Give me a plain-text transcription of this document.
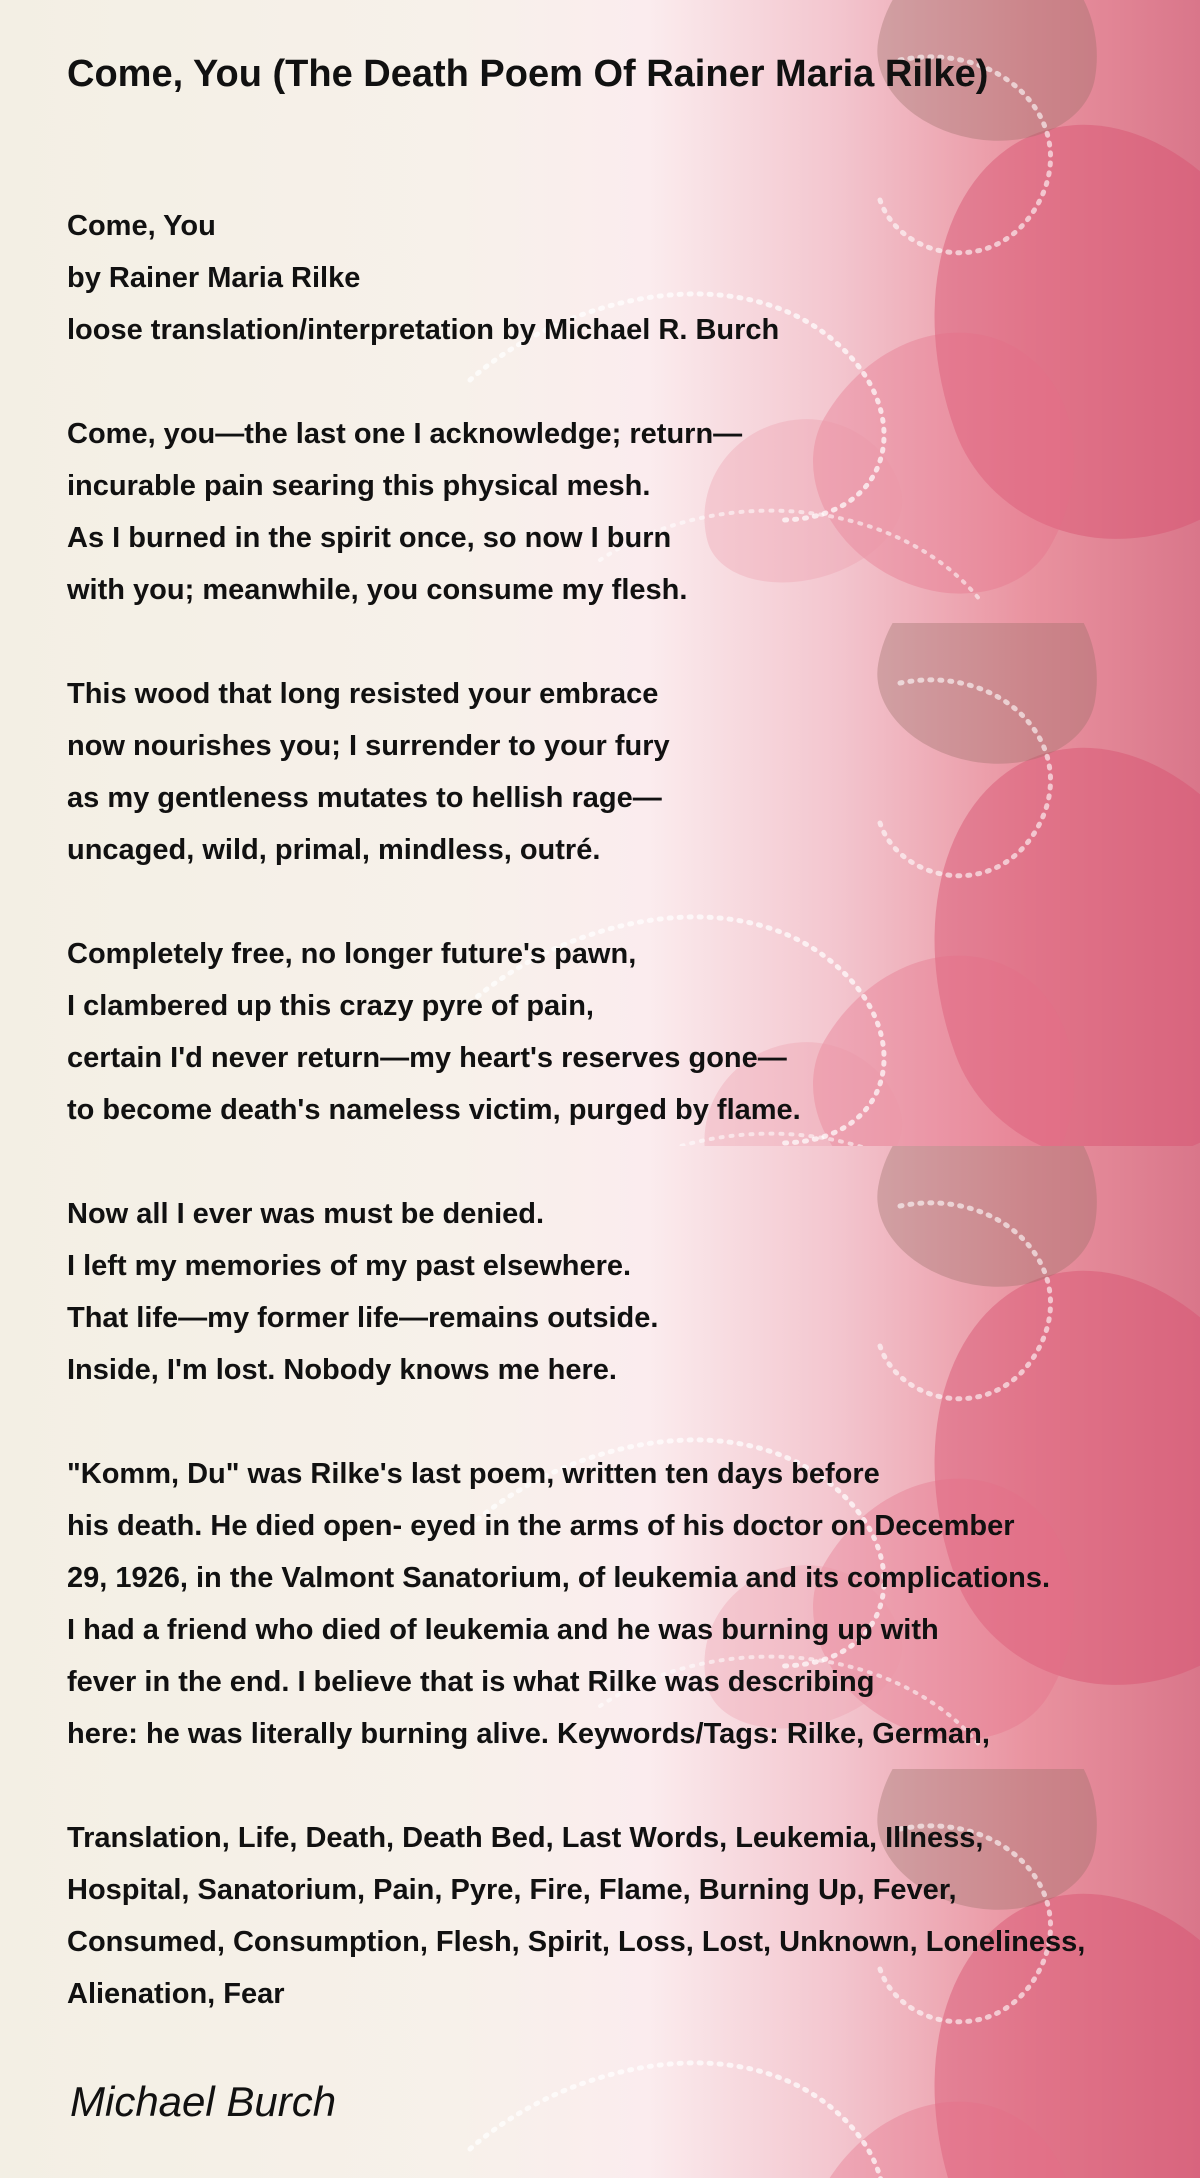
Come, You (The Death Poem Of Rainer Maria Rilke)
Come, You
by Rainer Maria Rilke
loose translation/interpretation by Michael R. Burch
Come, you—the last one I acknowledge; return—
incurable pain searing this physical mesh.
As I burned in the spirit once, so now I burn
with you; meanwhile, you consume my flesh.
This wood that long resisted your embrace
now nourishes you; I surrender to your fury
as my gentleness mutates to hellish rage—
uncaged, wild, primal, mindless, outré.
Completely free, no longer future's pawn,
I clambered up this crazy pyre of pain,
certain I'd never return—my heart's reserves gone—
to become death's nameless victim, purged by flame.
Now all I ever was must be denied.
I left my memories of my past elsewhere.
That life—my former life—remains outside.
Inside, I'm lost. Nobody knows me here.
"Komm, Du" was Rilke's last poem, written ten days before
his death. He died open- eyed in the arms of his doctor on December
29, 1926, in the Valmont Sanatorium, of leukemia and its complications.
I had a friend who died of leukemia and he was burning up with
fever in the end. I believe that is what Rilke was describing
here: he was literally burning alive. Keywords/Tags: Rilke, German,
Translation, Life, Death, Death Bed, Last Words, Leukemia, Illness,
Hospital, Sanatorium, Pain, Pyre, Fire, Flame, Burning Up, Fever,
Consumed, Consumption, Flesh, Spirit, Loss, Lost, Unknown, Loneliness,
Alienation, Fear
Michael Burch
